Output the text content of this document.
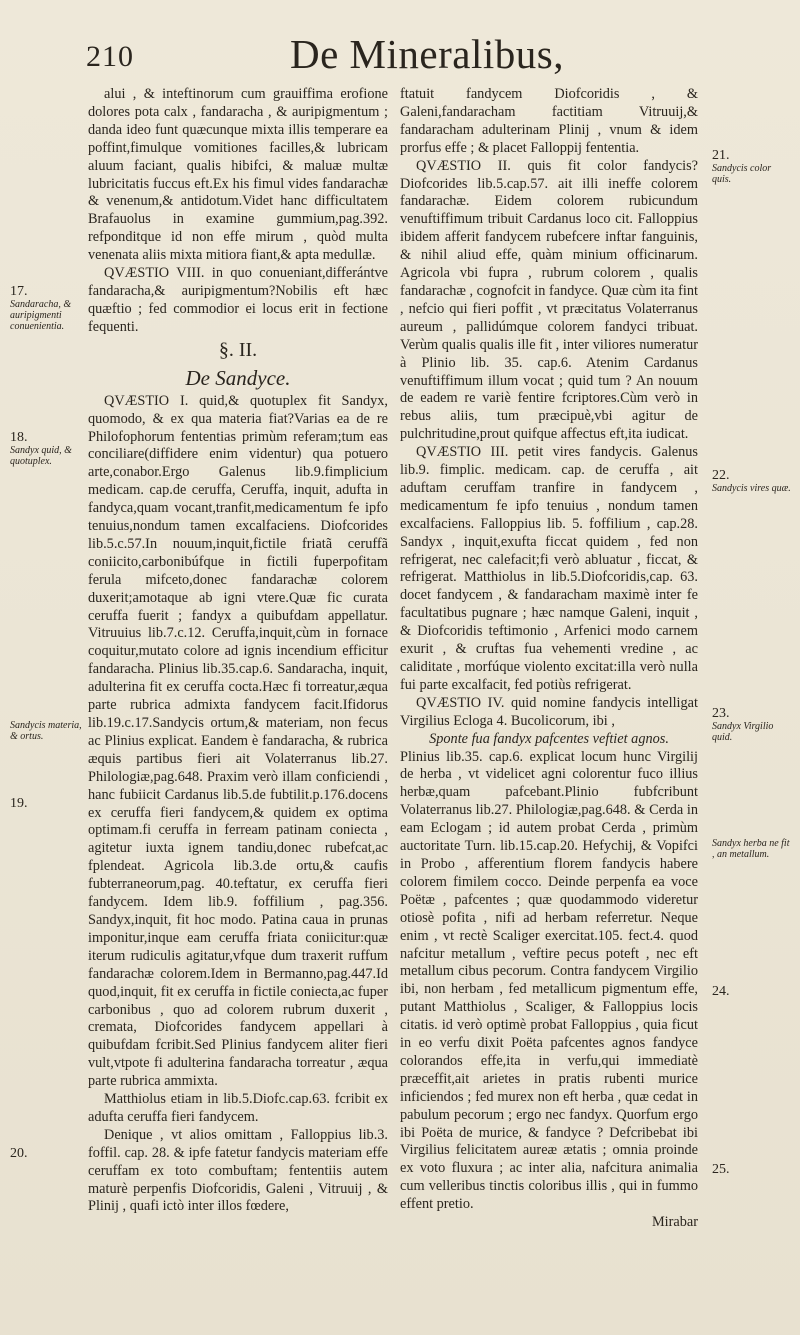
210	De Mineralibus,

alui , & inteftinorum cum grauiffima erofione dolores pota calx , fandaracha , & auripigmentum ; danda ideo funt quæcunque mixta illis temperare ea poffint,fimulque vomitiones facilles,& lubricam aluum faciant, qualis hibifci, & maluæ multæ lubricitatis fuccus eft.Ex his fimul vides fandarachæ & venenum,& antidotum.Videt hanc difficultatem Brafauolus in examine gummium,pag.392. refponditque id non effe mirum , quòd multa venenata aliis mixta mitiora fiant,& apta medullæ.

QVÆSTIO VIII. in quo conueniant,differántve fandaracha,& auripigmentum?Nobilis eft hæc quæftio ; fed commodior ei locus erit in fectione fequenti.

§. II.

De Sandyce.

QVÆSTIO I. quid,& quotuplex fit Sandyx, quomodo, & ex qua materia fiat?Varias ea de re Philofophorum fententias primùm referam;tum eas conciliare(diffidere enim videntur) qua potuero arte,conabor.Ergo Galenus lib.9.fimplicium medicam. cap.de ceruffa, Ceruffa, inquit, adufta in fandyca,quam vocant,tranfit,medicamentum fe ipfo tenuius,nondum tamen excalfaciens. Diofcorides lib.5.c.57.In nouum,inquit,fictile friatã ceruffã coniicito,carbonibúfque in fictili fuperpofitam ferula mifceto,donec fandarachæ colorem duxerit;amotaque ab igni vtere.Quæ fic curata ceruffa fuerit ; fandyx a quibufdam appellatur. Vitruuius lib.7.c.12. Ceruffa,inquit,cùm in fornace coquitur,mutato colore ad ignis incendium efficitur fandaracha. Plinius lib.35.cap.6. Sandaracha, inquit, adulterina fit ex ceruffa cocta.Hæc fi torreatur,æqua parte rubrica admixta fandycem facit.Ifidorus lib.19.c.17.Sandycis ortum,& materiam, non fecus ac Plinius explicat. Eandem è fandaracha, & rubrica æquis partibus fieri ait Volaterranus lib.27. Philologiæ,pag.648. Praxim verò illam conficiendi , hanc fubiicit Cardanus lib.5.de fubtilit.p.176.docens ex ceruffa fieri fandycem,& quidem ex optima optimam.fi ceruffa in ferream patinam coniecta , agitetur iuxta ignem tandiu,donec rubefcat,ac fplendeat. Agricola lib.3.de ortu,& caufis fubterraneorum,pag. 40.teftatur, ex ceruffa fieri fandycem. Idem lib.9. foffilium , pag.356. Sandyx,inquit, fit hoc modo. Patina caua in prunas imponitur,inque eam ceruffa friata coniicitur:quæ iterum rudiculis agitatur,vfque dum traxerit ruffum fandarachæ colorem.Idem in Bermanno,pag.447.Id quod,inquit, fit ex ceruffa in fictile coniecta,ac fuper carbonibus , quo ad colorem rubrum duxerit , cremata, Diofcorides fandycem appellari à quibufdam fcribit.Sed Plinius fandycem aliter fieri vult,vtpote fi adulterina fandaracha torreatur , æqua parte rubrica ammixta.

Matthiolus etiam in lib.5.Diofc.cap.63. fcribit ex adufta ceruffa fieri fandycem.

Denique , vt alios omittam , Falloppius lib.3. foffil. cap. 28. & ipfe fatetur fandycis materiam effe ceruffam ex toto combuftam; fententiis autem maturè perpenfis Diofcoridis, Galeni , Vitruuij , & Plinij , quafi ictò inter illos fœdere,

ftatuit fandycem Diofcoridis , & Galeni,fandaracham factitiam Vitruuij,& fandaracham adulterinam Plinij , vnum & idem prorfus effe ; & placet Falloppij fententia.

QVÆSTIO II. quis fit color fandycis? Diofcorides lib.5.cap.57. ait illi ineffe colorem fandarachæ. Eidem colorem rubicundum venuftiffimum tribuit Cardanus loco cit. Falloppius ibidem afferit fandycem rubefcere inftar fanguinis, & nihil aliud effe, quàm minium officinarum. Agricola vbi fupra , rubrum colorem , qualis fandarachæ , cognofcit in fandyce. Quæ cùm ita fint , nefcio qui fieri poffit , vt præcitatus Volaterranus aureum , pallidúmque colorem fandyci tribuat. Verùm qualis qualis ille fit , inter viliores numeratur à Plinio lib. 35. cap.6. Atenim Cardanus venuftiffimum illum vocat ; quid tum ? An nouum de eadem re variè fentire fcriptores.Cùm verò in rebus aliis, tum præcipuè,vbi agitur de pulchritudine,prout quifque affectus eft,ita iudicat.

QVÆSTIO III. petit vires fandycis. Galenus lib.9. fimplic. medicam. cap. de ceruffa , ait aduftam ceruffam tranfire in fandycem , medicamentum fe ipfo tenuius , nondum tamen excalfaciens. Falloppius lib. 5. foffilium , cap.28. Sandyx , inquit,exufta ficcat quidem , fed non refrigerat, nec calefacit;fi verò abluatur , ficcat, & refrigerat. Matthiolus in lib.5.Diofcoridis,cap. 63. docet fandycem , & fandaracham maximè inter fe facultatibus pugnare ; hæc namque Galeni, inquit , & Diofcoridis teftimonio , Arfenici modo carnem exurit , & cruftas fua vehementi vredine , ac caliditate , morfúque violento excitat:illa verò nulla fui parte excalfacit, fed potiùs refrigerat.

QVÆSTIO IV. quid nomine fandycis intelligat Virgilius Ecloga 4. Bucolicorum, ibi ,

Sponte fua fandyx pafcentes veftiet agnos.

Plinius lib.35. cap.6. explicat locum hunc Virgilij de herba , vt videlicet agni colorentur fuco illius herbæ,quam pafcebant.Plinio fubfcribunt Volaterranus lib.27. Philologiæ,pag.648. & Cerda in eam Eclogam ; id autem probat Cerda , primùm auctoritate Turn. lib.15.cap.20. Hefychij, & Vopifci in Probo , afferentium florem fandycis habere colorem fimilem cocco. Deinde perpenfa ea voce Poëtæ , pafcentes ; quæ quodammodo videretur otiosè pofita , nifi ad herbam referretur. Neque enim , vt rectè Scaliger exercitat.105. fect.4. quod nafcitur metallum , veftire pecus poteft , nec eft metallum cibus pecorum. Contra fandycem Virgilio ibi, non herbam , fed metallicum pigmentum effe, putant Matthiolus , Scaliger, & Falloppius locis citatis. id verò optimè probat Falloppius , quia ficut in eo verfu dixit Poëta pafcentes agnos fandyce colorandos effe,ita in verfu,qui immediatè præceffit,ait arietes in pratis rubenti murice inficiendos ; fed murex non eft herba , quæ cedat in pabulum pecorum ; ergo nec fandyx. Quorfum ergo ibi Poëta de murice, & fandyce ? Defcribebat ibi Virgilius felicitatem aureæ ætatis ; omnia proinde ex voto fluxura ; ac inter alia, nafcitura animalia cum velleribus tinctis coloribus illis , qui in fummo effent pretio.

Mirabar

17.
Sandaracha, & auripigmenti conuenientia.
18.
Sandyx quid, & quotuplex.
Sandycis materia, & ortus.
19.
20.
21.
Sandycis color quis.
22.
Sandycis vires quæ.
23.
Sandyx Virgilio quid.
Sandyx herba ne fit , an metallum.
24.
25.
